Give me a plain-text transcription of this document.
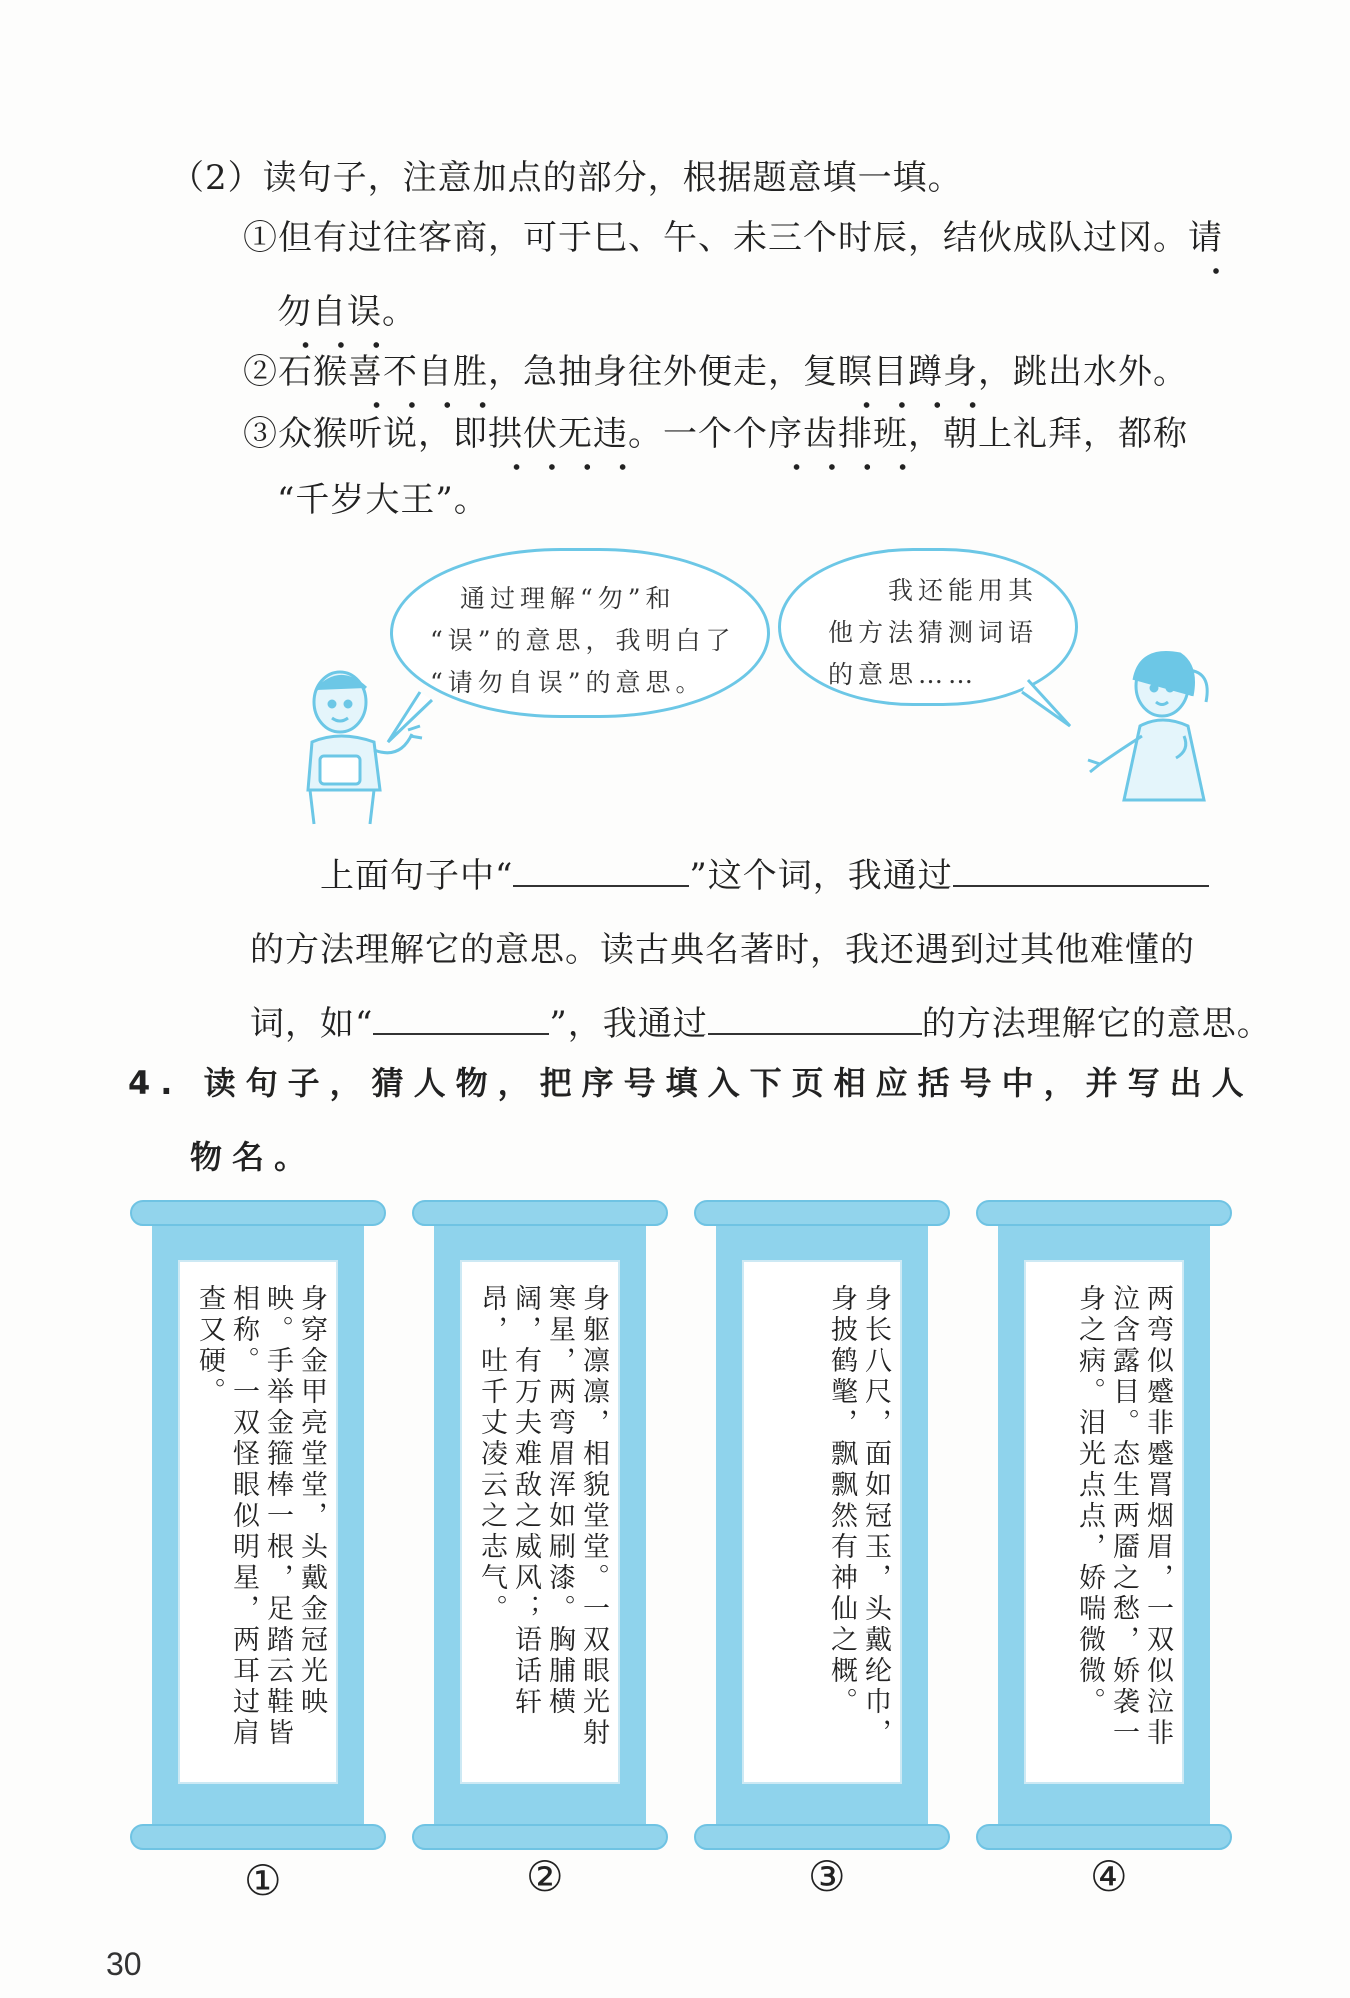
（2）读句子，注意加点的部分，根据题意填一填。
①但有过往客商，可于巳、午、未三个时辰，结伙成队过冈。请
勿自误
。
②石猴喜不自胜
，急抽身往外便走，复瞑目蹲身
，跳出水外。
③众猴听说，即拱伏无违
。一个个序齿排班
，朝上礼拜，都称
“千岁大王”。
　通过理解“勿”和
“误”的意思，我明白了
“请勿自误”的意思。
　　我还能用其
他方法猜测词语
的意思……
上面句子中“	”这个词，我通过
的方法理解它的意思。读古典名著时，我还遇到过其他难懂的
词，如“	”，我通过	的方法理解它的意思。
4. 读句子，猜人物，把序号填入下页相应括号中，并写出人
物名。
身穿金甲亮堂堂，头戴金冠光映映。手举金箍棒一根，足踏云鞋皆相称。一双怪眼似明星，两耳过肩查又硬。	身躯凛凛，相貌堂堂。一双眼光射寒星，两弯眉浑如刷漆。胸脯横阔，有万夫难敌之威风；语话轩昂，吐千丈凌云之志气。	身长八尺，面如冠玉，头戴纶巾，身披鹤氅，飘飘然有神仙之概。	两弯似蹙非蹙罥烟眉，一双似泣非泣含露目。态生两靥之愁，娇袭一身之病。泪光点点，娇喘微微。
①	②	③	④
30
